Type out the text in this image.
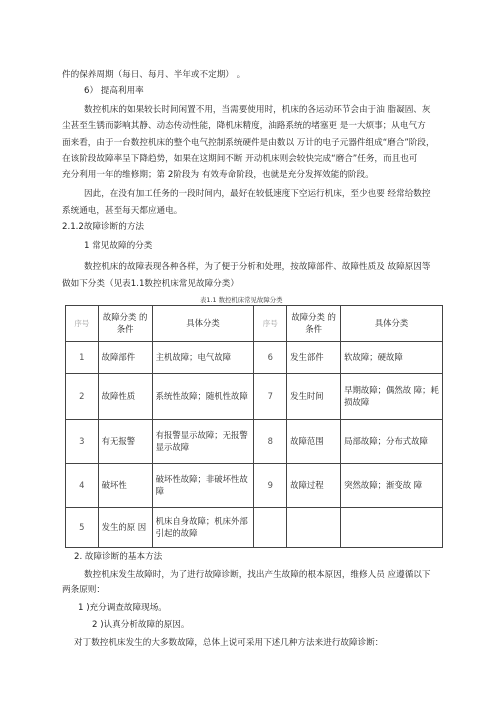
件的保养周期（每日、每月、半年或不定期） 。
6） 提高利用率
数控机床的如果较长时间闲置不用，当需要使用时，机床的各运动环节会由于油 脂凝固、灰
尘甚至生锈而影响其静、动态传动性能，降机床精度，油路系统的堵塞更 是一大烦事；从电气方
面来看，由于一台数控机床的整个电气控制系统硬件是由数以 万计的电子元器件组成“磨合”阶段，
在该阶段故障率呈下降趋势，如果在这期间不断 开动机床则会较快完成“磨合”任务，而且也可
充分利用一年的维修期；第 2阶段为 有效寿命阶段，也就是充分发挥效能的阶段。
因此，在没有加工任务的一段时间内，最好在较低速度下空运行机床，至少也要 经常给数控
系统通电，甚至每天都应通电。
2.1.2故障诊断的方法
1 常见故障的分类
数控机床的故障表现各种各样，为了便于分析和处理，按故障部件、故障性质及 故障原因等
做如下分类（见表1.1数控机床常见故障分类）
表1.1 数控机床常见故障分类
序号	故障分类 的条件	具体分类	序号	故障分类 的条件	具体分类
1	故障部件	主机故障；电气故障	6	发生部件	软故障；硬故障
2	故障性质	系统性故障；随机性故障	7	发生时间	早期故障；偶然故 障；耗损故障
3	有无报警	有报警显示故障；无报警显示故障	8	故障范围	局部故障；分布式故障
4	破坏性	破坏性故障；非破坏性故障	9	故障过程	突然故障；渐变故 障
5	发生的原 因	机床自身故障；机床外部引起的故障			
2. 故障诊断的基本方法
数控机床发生故障时，为了进行故障诊断，找出产生故障的根本原因，维修人员 应遵循以下
两条原则：
1 )充分调查故障现场。
2 )认真分析故障的原因。
对丁数控机床发生的大多数故障，总体上说可采用下述几种方法来进行故障诊断：
